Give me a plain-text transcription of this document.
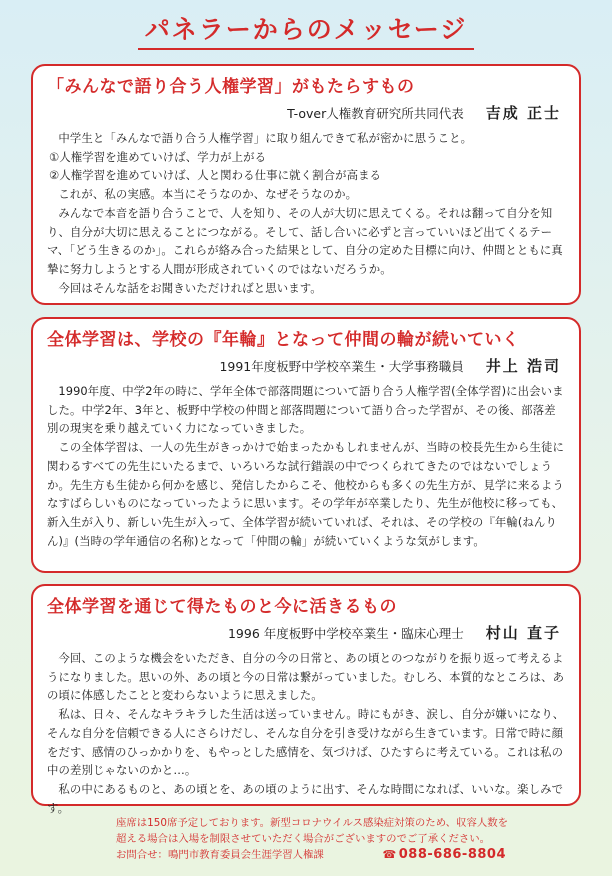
パネラーからのメッセージ
「みんなで語り合う人権学習」がもたらすもの
T-over人権教育研究所共同代表 吉成 正士

中学生と「みんなで語り合う人権学習」に取り組んできて私が密かに思うこと。

①人権学習を進めていけば、学力が上がる

②人権学習を進めていけば、人と関わる仕事に就く割合が高まる

これが、私の実感。本当にそうなのか、なぜそうなのか。

みんなで本音を語り合うことで、人を知り、その人が大切に思えてくる。それは翻って自分を知り、自分が大切に思えることにつながる。そして、話し合いに必ずと言っていいほど出てくるテーマ、「どう生きるのか」。これらが絡み合った結果として、自分の定めた目標に向け、仲間とともに真摯に努力しようとする人間が形成されていくのではないだろうか。

今回はそんな話をお聞きいただければと思います。

全体学習は、学校の『年輪』となって仲間の輪が続いていく
1991年度板野中学校卒業生・大学事務職員 井上 浩司

1990年度、中学2年の時に、学年全体で部落問題について語り合う人権学習(全体学習)に出会いました。中学2年、3年と、板野中学校の仲間と部落問題について語り合った学習が、その後、部落差別の現実を乗り越えていく力になっていきました。

この全体学習は、一人の先生がきっかけで始まったかもしれませんが、当時の校長先生から生徒に関わるすべての先生にいたるまで、いろいろな試行錯誤の中でつくられてきたのではないでしょうか。先生方も生徒から何かを感じ、発信したからこそ、他校からも多くの先生方が、見学に来るようなすばらしいものになっていったように思います。その学年が卒業したり、先生が他校に移っても、新入生が入り、新しい先生が入って、全体学習が続いていれば、それは、その学校の『年輪(ねんりん)』(当時の学年通信の名称)となって「仲間の輪」が続いていくような気がします。

全体学習を通じて得たものと今に活きるもの
1996 年度板野中学校卒業生・臨床心理士 村山 直子

今回、このような機会をいただき、自分の今の日常と、あの頃とのつながりを振り返って考えるようになりました。思いの外、あの頃と今の日常は繋がっていました。むしろ、本質的なところは、あの頃に体感したことと変わらないように思えました。

私は、日々、そんなキラキラした生活は送っていません。時にもがき、涙し、自分が嫌いになり、そんな自分を信頼できる人にさらけだし、そんな自分を引き受けながら生きています。日常で時に顔をだす、感情のひっかかりを、もやっとした感情を、気づけば、ひたすらに考えている。これは私の中の差別じゃないのかと…。

私の中にあるものと、あの頃とを、あの頃のように出す、そんな時間になれば、いいな。楽しみです。

座席は150席予定しております。新型コロナウイルス感染症対策のため、収容人数を
超える場合は入場を制限させていただく場合がございますのでご了承ください。
お問合せ：鳴門市教育委員会生涯学習人権課	☎ 088-686-8804
